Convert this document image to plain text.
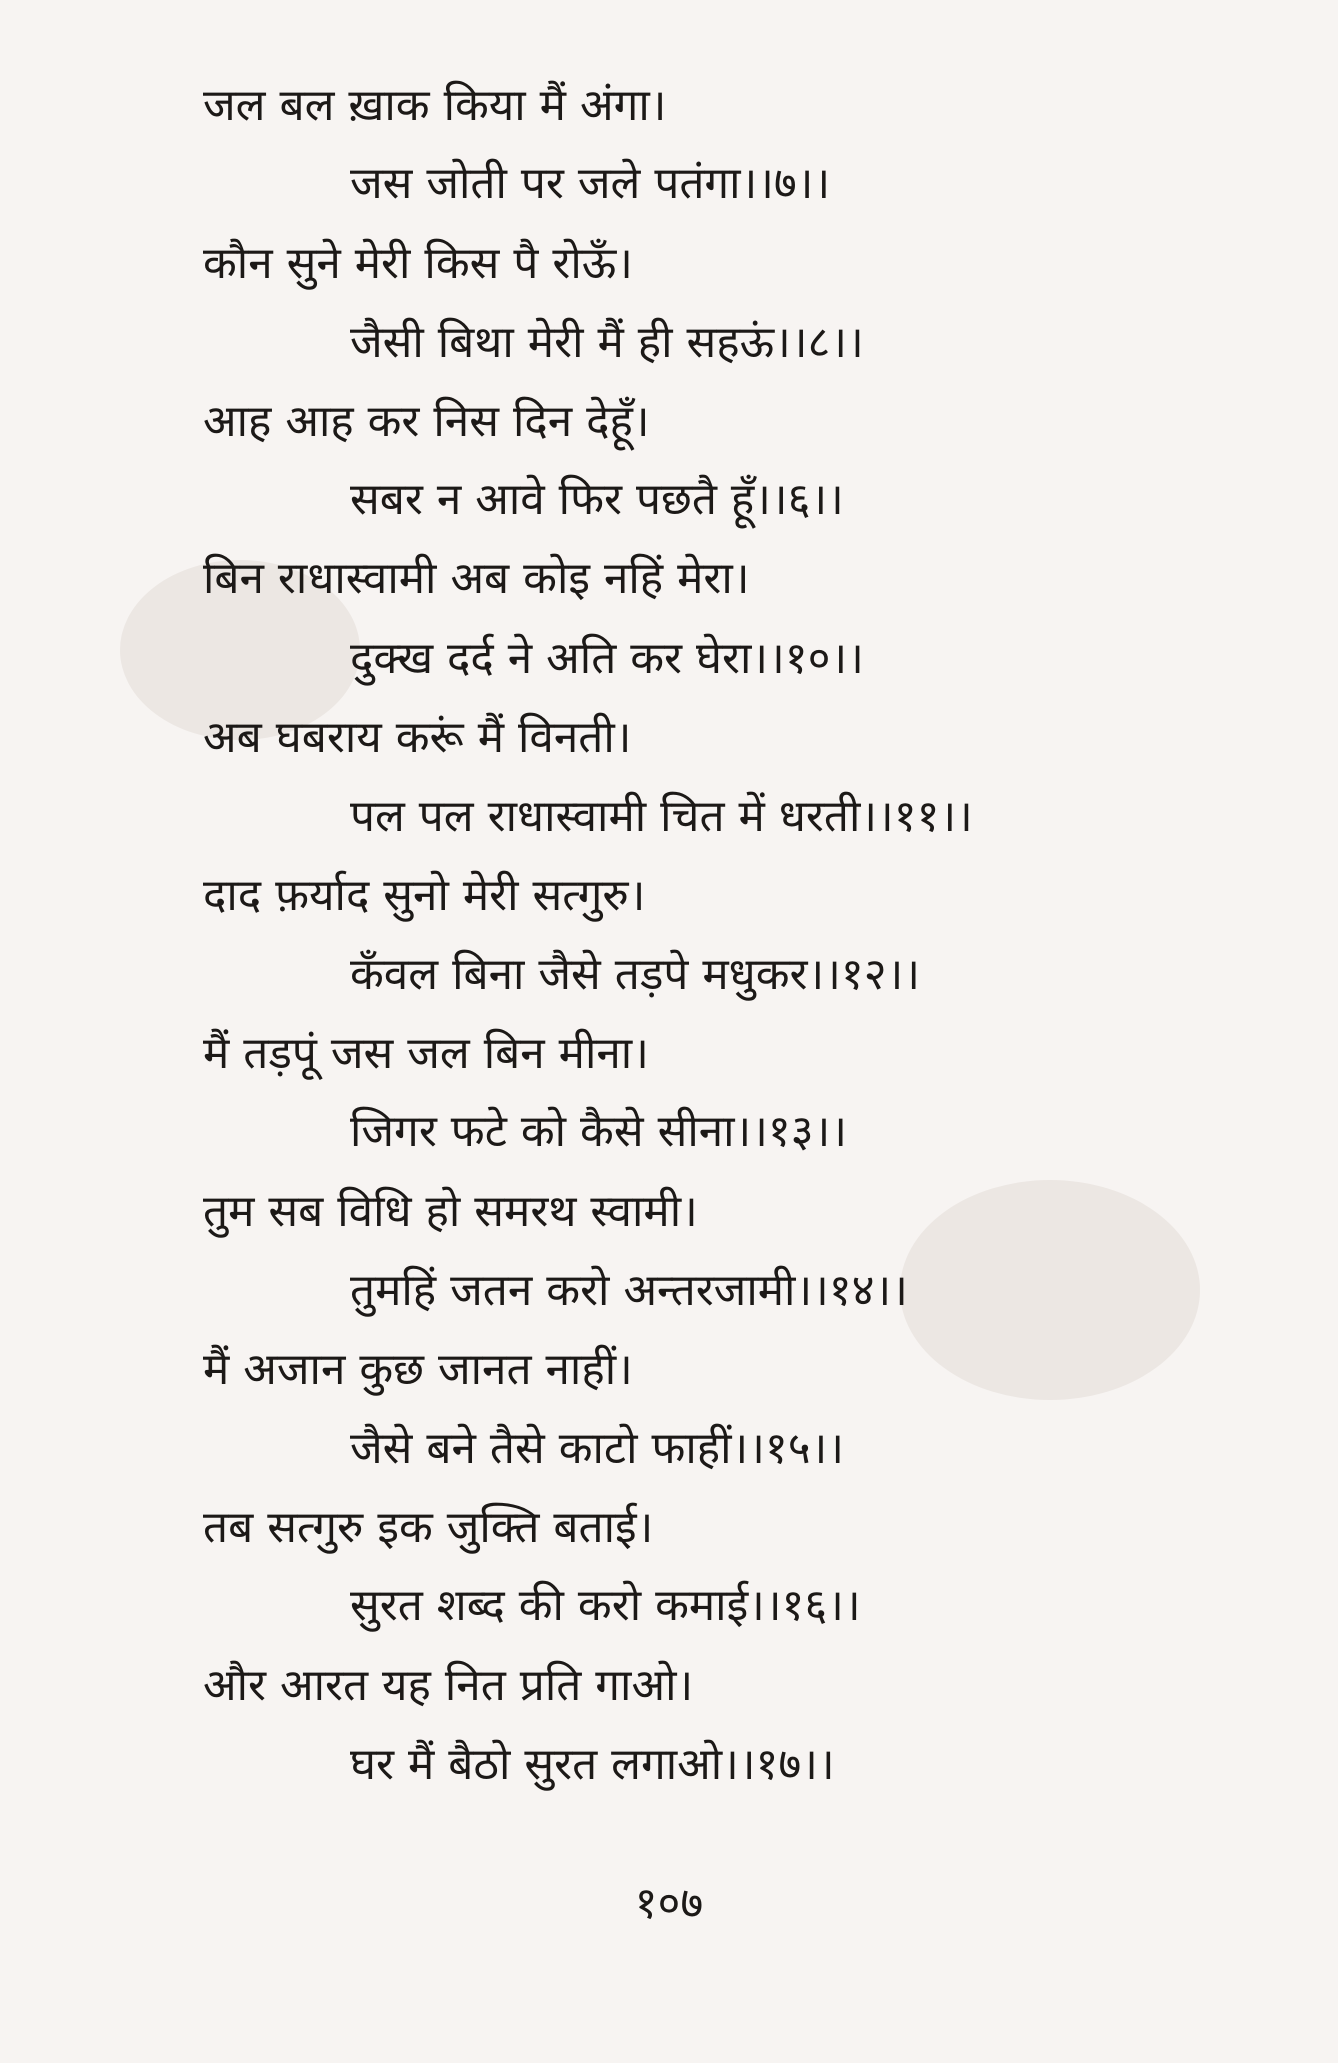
जल बल ख़ाक किया मैं अंगा।
जस जोती पर जले पतंगा।।७।।
कौन सुने मेरी किस पै रोऊँ।
जैसी बिथा मेरी मैं ही सहऊं।।८।।
आह आह कर निस दिन देहूँ।
सबर न आवे फिर पछतै हूँ।।६।।
बिन राधास्वामी अब कोइ नहिं मेरा।
दुक्ख दर्द ने अति कर घेरा।।१०।।
अब घबराय करूं मैं विनती।
पल पल राधास्वामी चित में धरती।।११।।
दाद फ़र्याद सुनो मेरी सत्गुरु।
कँवल बिना जैसे तड़पे मधुकर।।१२।।
मैं तड़पूं जस जल बिन मीना।
जिगर फटे को कैसे सीना।।१३।।
तुम सब विधि हो समरथ स्वामी।
तुमहिं जतन करो अन्तरजामी।।१४।।
मैं अजान कुछ जानत नाहीं।
जैसे बने तैसे काटो फाहीं।।१५।।
तब सत्गुरु इक जुक्ति बताई।
सुरत शब्द की करो कमाई।।१६।।
और आरत यह नित प्रति गाओ।
घर मैं बैठो सुरत लगाओ।।१७।।
१०७
